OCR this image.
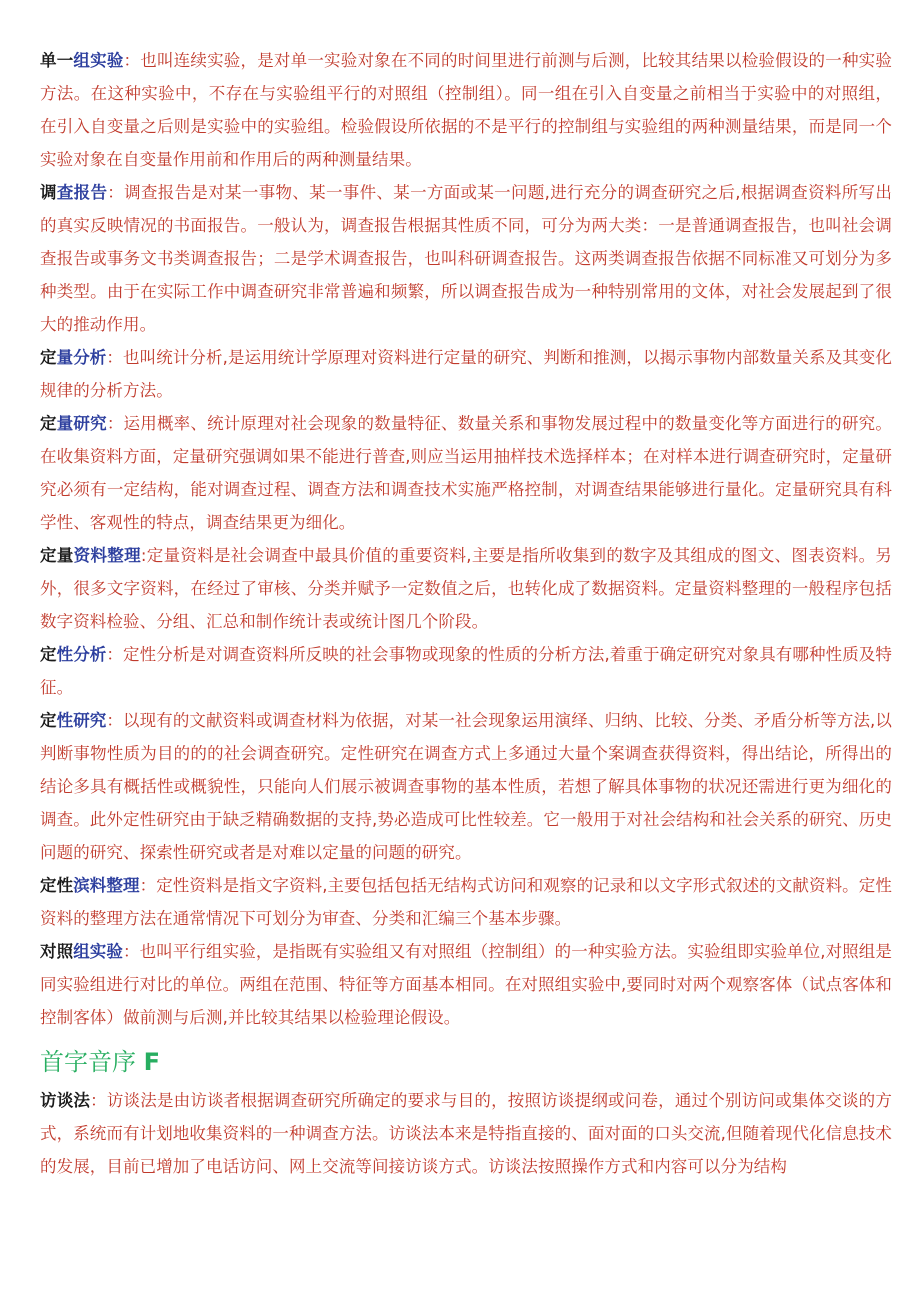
单一组实验：也叫连续实验，是对单一实验对象在不同的时间里进行前测与后测，比较其结果以检验假设的一种实验方法。在这种实验中，不存在与实验组平行的对照组（控制组）。同一组在引入自变量之前相当于实验中的对照组，在引入自变量之后则是实验中的实验组。检验假设所依据的不是平行的控制组与实验组的两种测量结果，而是同一个实验对象在自变量作用前和作用后的两种测量结果。

调查报告：调查报告是对某一事物、某一事件、某一方面或某一问题,进行充分的调查研究之后,根据调查资料所写出的真实反映情况的书面报告。一般认为，调查报告根据其性质不同，可分为两大类：一是普通调查报告，也叫社会调查报告或事务文书类调查报告；二是学术调查报告，也叫科研调查报告。这两类调查报告依据不同标准又可划分为多种类型。由于在实际工作中调查研究非常普遍和频繁，所以调查报告成为一种特别常用的文体，对社会发展起到了很大的推动作用。

定量分析：也叫统计分析,是运用统计学原理对资料进行定量的研究、判断和推测，以揭示事物内部数量关系及其变化规律的分析方法。

定量研究：运用概率、统计原理对社会现象的数量特征、数量关系和事物发展过程中的数量变化等方面进行的研究。在收集资料方面，定量研究强调如果不能进行普查,则应当运用抽样技术选择样本；在对样本进行调查研究时，定量研究必须有一定结构，能对调查过程、调查方法和调查技术实施严格控制，对调查结果能够进行量化。定量研究具有科学性、客观性的特点，调查结果更为细化。

定量资料整理:定量资料是社会调查中最具价值的重要资料,主要是指所收集到的数字及其组成的图文、图表资料。另外，很多文字资料，在经过了审核、分类并赋予一定数值之后，也转化成了数据资料。定量资料整理的一般程序包括数字资料检验、分组、汇总和制作统计表或统计图几个阶段。

定性分析：定性分析是对调查资料所反映的社会事物或现象的性质的分析方法,着重于确定研究对象具有哪种性质及特征。

定性研究：以现有的文献资料或调查材料为依据，对某一社会现象运用演绎、归纳、比较、分类、矛盾分析等方法,以判断事物性质为目的的的社会调查研究。定性研究在调查方式上多通过大量个案调查获得资料，得出结论，所得出的结论多具有概括性或概貌性，只能向人们展示被调查事物的基本性质，若想了解具体事物的状况还需进行更为细化的调查。此外定性研究由于缺乏精确数据的支持,势必造成可比性较差。它一般用于对社会结构和社会关系的研究、历史问题的研究、探索性研究或者是对难以定量的问题的研究。

定性滨料整理：定性资料是指文字资料,主要包括包括无结构式访问和观察的记录和以文字形式叙述的文献资料。定性资料的整理方法在通常情况下可划分为审查、分类和汇编三个基本步骤。

对照组实验：也叫平行组实验，是指既有实验组又有对照组（控制组）的一种实验方法。实验组即实验单位,对照组是同实验组进行对比的单位。两组在范围、特征等方面基本相同。在对照组实验中,要同时对两个观察客体（试点客体和控制客体）做前测与后测,并比较其结果以检验理论假设。

首字音序 F

访谈法：访谈法是由访谈者根据调查研究所确定的要求与目的，按照访谈提纲或问卷，通过个别访问或集体交谈的方式，系统而有计划地收集资料的一种调查方法。访谈法本来是特指直接的、面对面的口头交流,但随着现代化信息技术的发展，目前已增加了电话访问、网上交流等间接访谈方式。访谈法按照操作方式和内容可以分为结构
